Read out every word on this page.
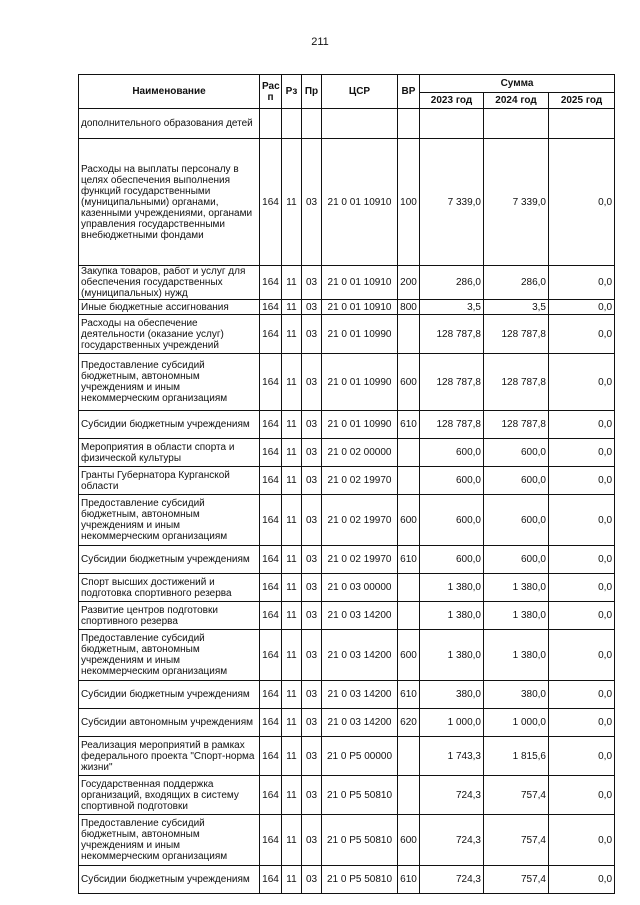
211
Наименование	Рас п	Рз	Пр	ЦСР	ВР	Сумма		
						2023 год	2024 год	2025 год
дополнительного образования детей								
Расходы на выплаты персоналу в целях обеспечения выполнения функций государственными (муниципальными) органами, казенными учреждениями, органами управления государственными внебюджетными фондами	164	11	03	21 0 01 10910	100	7 339,0	7 339,0	0,0
Закупка товаров, работ и услуг для обеспечения государственных (муниципальных) нужд	164	11	03	21 0 01 10910	200	286,0	286,0	0,0
Иные бюджетные ассигнования	164	11	03	21 0 01 10910	800	3,5	3,5	0,0
Расходы на обеспечение деятельности (оказание услуг) государственных учреждений	164	11	03	21 0 01 10990		128 787,8	128 787,8	0,0
Предоставление субсидий бюджетным, автономным учреждениям и иным некоммерческим организациям	164	11	03	21 0 01 10990	600	128 787,8	128 787,8	0,0
Субсидии бюджетным учреждениям	164	11	03	21 0 01 10990	610	128 787,8	128 787,8	0,0
Мероприятия в области спорта и физической культуры	164	11	03	21 0 02 00000		600,0	600,0	0,0
Гранты Губернатора Курганской области	164	11	03	21 0 02 19970		600,0	600,0	0,0
Предоставление субсидий бюджетным, автономным учреждениям и иным некоммерческим организациям	164	11	03	21 0 02 19970	600	600,0	600,0	0,0
Субсидии бюджетным учреждениям	164	11	03	21 0 02 19970	610	600,0	600,0	0,0
Спорт высших достижений и подготовка спортивного резерва	164	11	03	21 0 03 00000		1 380,0	1 380,0	0,0
Развитие центров подготовки спортивного резерва	164	11	03	21 0 03 14200		1 380,0	1 380,0	0,0
Предоставление субсидий бюджетным, автономным учреждениям и иным некоммерческим организациям	164	11	03	21 0 03 14200	600	1 380,0	1 380,0	0,0
Субсидии бюджетным учреждениям	164	11	03	21 0 03 14200	610	380,0	380,0	0,0
Субсидии автономным учреждениям	164	11	03	21 0 03 14200	620	1 000,0	1 000,0	0,0
Реализация мероприятий в рамках федерального проекта "Спорт-норма жизни"	164	11	03	21 0 P5 00000		1 743,3	1 815,6	0,0
Государственная поддержка организаций, входящих в систему спортивной подготовки	164	11	03	21 0 P5 50810		724,3	757,4	0,0
Предоставление субсидий бюджетным, автономным учреждениям и иным некоммерческим организациям	164	11	03	21 0 P5 50810	600	724,3	757,4	0,0
Субсидии бюджетным учреждениям	164	11	03	21 0 P5 50810	610	724,3	757,4	0,0
